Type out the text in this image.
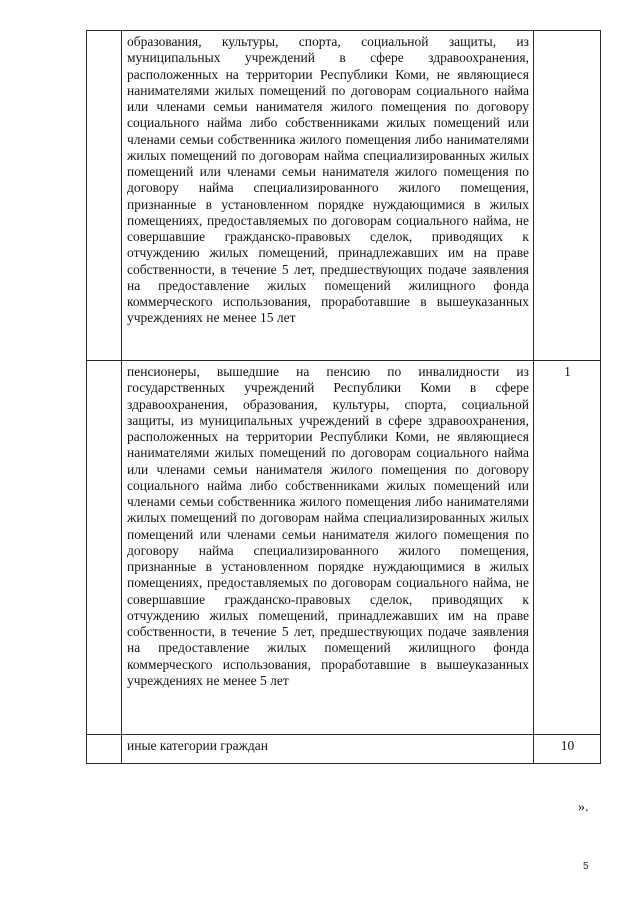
	образования, культуры, спорта, социальной защиты, из муниципальных учреждений в сфере здравоохранения, расположенных на территории Республики Коми, не являющиеся нанимателями жилых помещений по договорам социального найма или членами семьи нанимателя жилого помещения по договору социального найма либо собственниками жилых помещений или членами семьи собственника жилого помещения либо нанимателями жилых помещений по договорам найма специализированных жилых помещений или членами семьи нанимателя жилого помещения по договору найма специализированного жилого помещения, признанные в установленном порядке нуждающимися в жилых помещениях, предоставляемых по договорам социального найма, не совершавшие гражданско-правовых сделок, приводящих к отчуждению жилых помещений, принадлежавших им на праве собственности, в течение 5 лет, предшествующих подаче заявления на предоставление жилых помещений жилищного фонда коммерческого использования, проработавшие в вышеуказанных учреждениях не менее 15 лет	
	пенсионеры, вышедшие на пенсию по инвалидности из государственных учреждений Республики Коми в сфере здравоохранения, образования, культуры, спорта, социальной защиты, из муниципальных учреждений в сфере здравоохранения, расположенных на территории Республики Коми, не являющиеся нанимателями жилых помещений по договорам социального найма или членами семьи нанимателя жилого помещения по договору социального найма либо собственниками жилых помещений или членами семьи собственника жилого помещения либо нанимателями жилых помещений по договорам найма специализированных жилых помещений или членами семьи нанимателя жилого помещения по договору найма специализированного жилого помещения, признанные в установленном порядке нуждающимися в жилых помещениях, предоставляемых по договорам социального найма, не совершавшие гражданско-правовых сделок, приводящих к отчуждению жилых помещений, принадлежавших им на праве собственности, в течение 5 лет, предшествующих подаче заявления на предоставление жилых помещений жилищного фонда коммерческого использования, проработавшие в вышеуказанных учреждениях не менее 5 лет	1
	иные категории граждан	10
».
5
